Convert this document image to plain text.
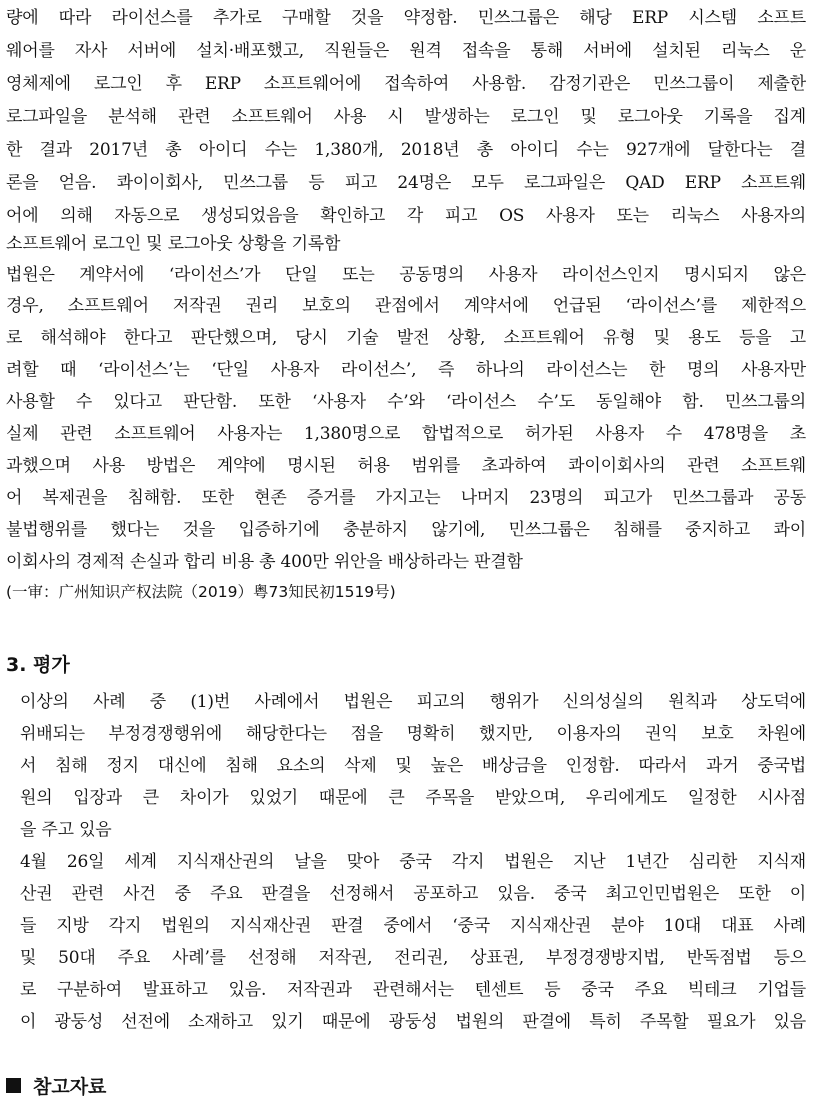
량에 따라 라이선스를 추가로 구매할 것을 약정함. 민쓰그룹은 해당 ERP 시스템 소프트
웨어를 자사 서버에 설치·배포했고, 직원들은 원격 접속을 통해 서버에 설치된 리눅스 운
영체제에 로그인 후 ERP 소프트웨어에 접속하여 사용함. 감정기관은 민쓰그룹이 제출한
로그파일을 분석해 관련 소프트웨어 사용 시 발생하는 로그인 및 로그아웃 기록을 집계
한 결과 2017년 총 아이디 수는 1,380개, 2018년 총 아이디 수는 927개에 달한다는 결
론을 얻음. 콰이이회사, 민쓰그룹 등 피고 24명은 모두 로그파일은 QAD ERP 소프트웨
어에 의해 자동으로 생성되었음을 확인하고 각 피고 OS 사용자 또는 리눅스 사용자의
소프트웨어 로그인 및 로그아웃 상황을 기록함
법원은 계약서에 ‘라이선스’가 단일 또는 공동명의 사용자 라이선스인지 명시되지 않은
경우, 소프트웨어 저작권 권리 보호의 관점에서 계약서에 언급된 ‘라이선스’를 제한적으
로 해석해야 한다고 판단했으며, 당시 기술 발전 상황, 소프트웨어 유형 및 용도 등을 고
려할 때 ‘라이선스’는 ‘단일 사용자 라이선스’, 즉 하나의 라이선스는 한 명의 사용자만
사용할 수 있다고 판단함. 또한 ‘사용자 수’와 ‘라이선스 수’도 동일해야 함. 민쓰그룹의
실제 관련 소프트웨어 사용자는 1,380명으로 합법적으로 허가된 사용자 수 478명을 초
과했으며 사용 방법은 계약에 명시된 허용 범위를 초과하여 콰이이회사의 관련 소프트웨
어 복제권을 침해함. 또한 현존 증거를 가지고는 나머지 23명의 피고가 민쓰그룹과 공동
불법행위를 했다는 것을 입증하기에 충분하지 않기에, 민쓰그룹은 침해를 중지하고 콰이
이회사의 경제적 손실과 합리 비용 총 400만 위안을 배상하라는 판결함
(一审：广州知识产权法院（2019）粤73知民初1519号)
3. 평가
이상의 사례 중 (1)번 사례에서 법원은 피고의 행위가 신의성실의 원칙과 상도덕에
위배되는 부정경쟁행위에 해당한다는 점을 명확히 했지만, 이용자의 권익 보호 차원에
서 침해 정지 대신에 침해 요소의 삭제 및 높은 배상금을 인정함. 따라서 과거 중국법
원의 입장과 큰 차이가 있었기 때문에 큰 주목을 받았으며, 우리에게도 일정한 시사점
을 주고 있음
4월 26일 세계 지식재산권의 날을 맞아 중국 각지 법원은 지난 1년간 심리한 지식재
산권 관련 사건 중 주요 판결을 선정해서 공포하고 있음. 중국 최고인민법원은 또한 이
들 지방 각지 법원의 지식재산권 판결 중에서 ‘중국 지식재산권 분야 10대 대표 사례
및 50대 주요 사례’를 선정해 저작권, 전리권, 상표권, 부정경쟁방지법, 반독점법 등으
로 구분하여 발표하고 있음. 저작권과 관련해서는 텐센트 등 중국 주요 빅테크 기업들
이 광둥성 선전에 소재하고 있기 때문에 광둥성 법원의 판결에 특히 주목할 필요가 있음
참고자료
